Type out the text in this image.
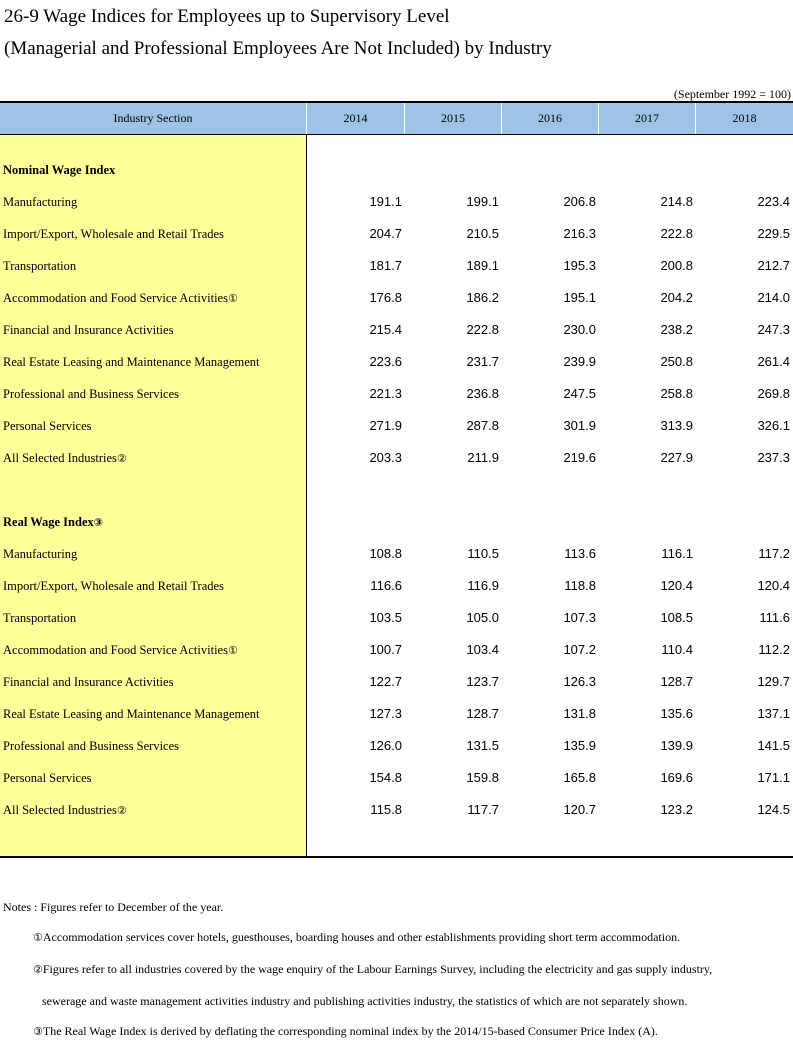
26-9 Wage Indices for Employees up to Supervisory Level
(Managerial and Professional Employees Are Not Included) by Industry
(September 1992 = 100)
Industry Section	2014	2015	2016	2017	2018
Nominal Wage Index
Manufacturing	191.1	199.1	206.8	214.8	223.4
Import/Export, Wholesale and Retail Trades	204.7	210.5	216.3	222.8	229.5
Transportation	181.7	189.1	195.3	200.8	212.7
Accommodation and Food Service Activities①	176.8	186.2	195.1	204.2	214.0
Financial and Insurance Activities	215.4	222.8	230.0	238.2	247.3
Real Estate Leasing and Maintenance Management	223.6	231.7	239.9	250.8	261.4
Professional and Business Services	221.3	236.8	247.5	258.8	269.8
Personal Services	271.9	287.8	301.9	313.9	326.1
All Selected Industries②	203.3	211.9	219.6	227.9	237.3
Real Wage Index③
Manufacturing	108.8	110.5	113.6	116.1	117.2
Import/Export, Wholesale and Retail Trades	116.6	116.9	118.8	120.4	120.4
Transportation	103.5	105.0	107.3	108.5	111.6
Accommodation and Food Service Activities①	100.7	103.4	107.2	110.4	112.2
Financial and Insurance Activities	122.7	123.7	126.3	128.7	129.7
Real Estate Leasing and Maintenance Management	127.3	128.7	131.8	135.6	137.1
Professional and Business Services	126.0	131.5	135.9	139.9	141.5
Personal Services	154.8	159.8	165.8	169.6	171.1
All Selected Industries②	115.8	117.7	120.7	123.2	124.5
Notes : Figures refer to December of the year.
①Accommodation services cover hotels, guesthouses, boarding houses and other establishments providing short term accommodation.
②Figures refer to all industries covered by the wage enquiry of the Labour Earnings Survey, including the electricity and gas supply industry,
sewerage and waste management activities industry and publishing activities industry, the statistics of which are not separately shown.
③The Real Wage Index is derived by deflating the corresponding nominal index by the 2014/15-based Consumer Price Index (A).
